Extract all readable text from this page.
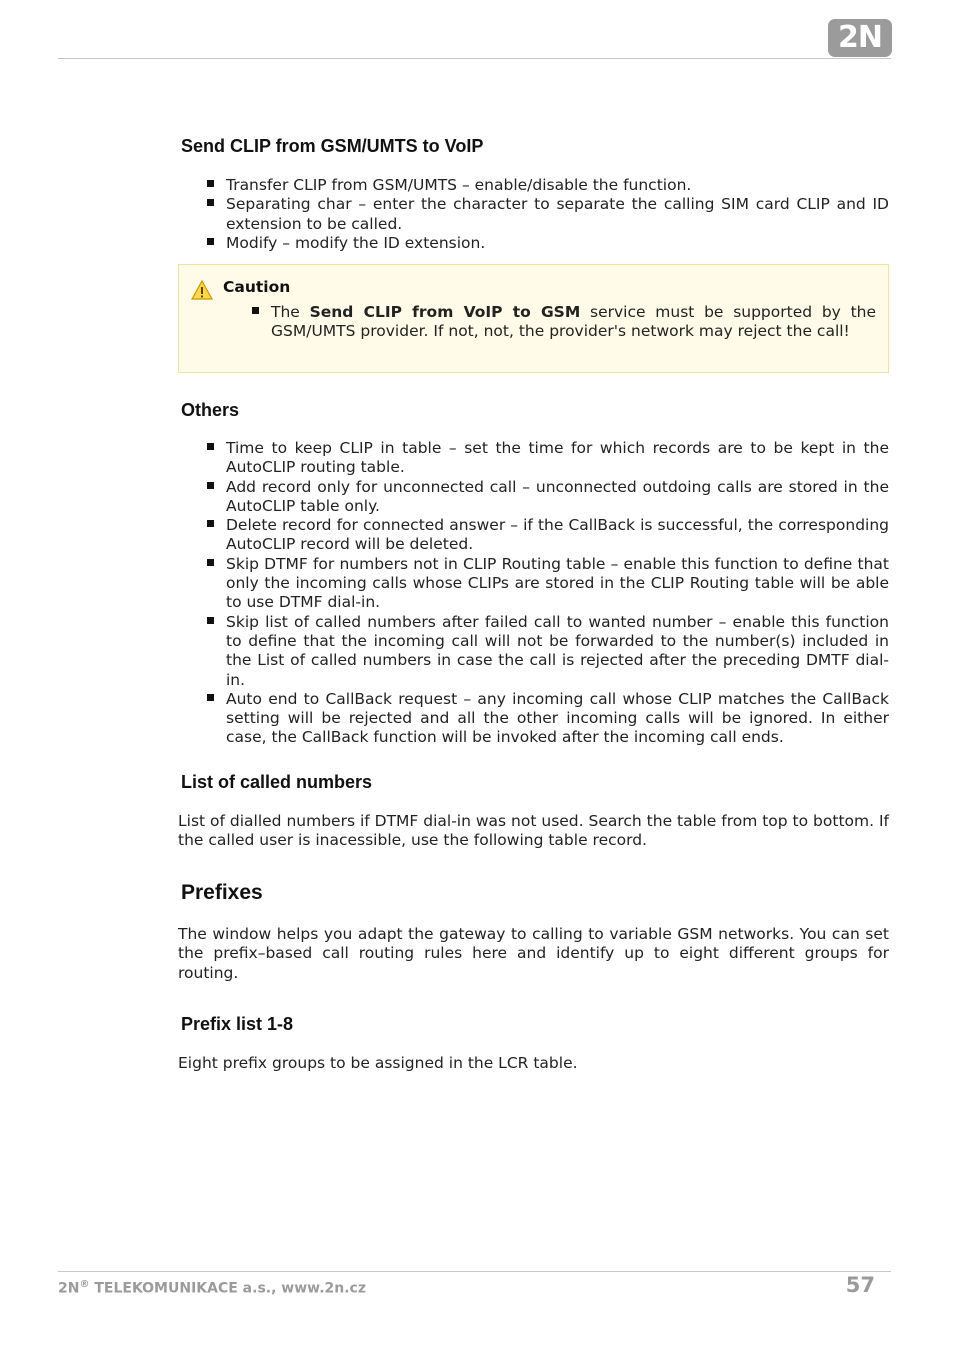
2N
Send CLIP from GSM/UMTS to VoIP
Transfer CLIP from GSM/UMTS – enable/disable the function.
Separating char – enter the character to separate the calling SIM card CLIP and ID extension to be called.
Modify – modify the ID extension.
Caution
The Send CLIP from VoIP to GSM service must be supported by the GSM/UMTS provider. If not, not, the provider's network may reject the call!
Others
Time to keep CLIP in table – set the time for which records are to be kept in the AutoCLIP routing table.
Add record only for unconnected call – unconnected outdoing calls are stored in the AutoCLIP table only.
Delete record for connected answer – if the CallBack is successful, the corresponding AutoCLIP record will be deleted.
Skip DTMF for numbers not in CLIP Routing table – enable this function to define that only the incoming calls whose CLIPs are stored in the CLIP Routing table will be able to use DTMF dial-in.
Skip list of called numbers after failed call to wanted number – enable this function to define that the incoming call will not be forwarded to the number(s) included in the List of called numbers in case the call is rejected after the preceding DMTF dial-in.
Auto end to CallBack request – any incoming call whose CLIP matches the CallBack setting will be rejected and all the other incoming calls will be ignored. In either case, the CallBack function will be invoked after the incoming call ends.
List of called numbers

List of dialled numbers if DTMF dial-in was not used. Search the table from top to bottom. If the called user is inacessible, use the following table record.

Prefixes

The window helps you adapt the gateway to calling to variable GSM networks. You can set the prefix–based call routing rules here and identify up to eight different groups for routing.

Prefix list 1-8

Eight prefix groups to be assigned in the LCR table.

2N® TELEKOMUNIKACE a.s., www.2n.cz	57
